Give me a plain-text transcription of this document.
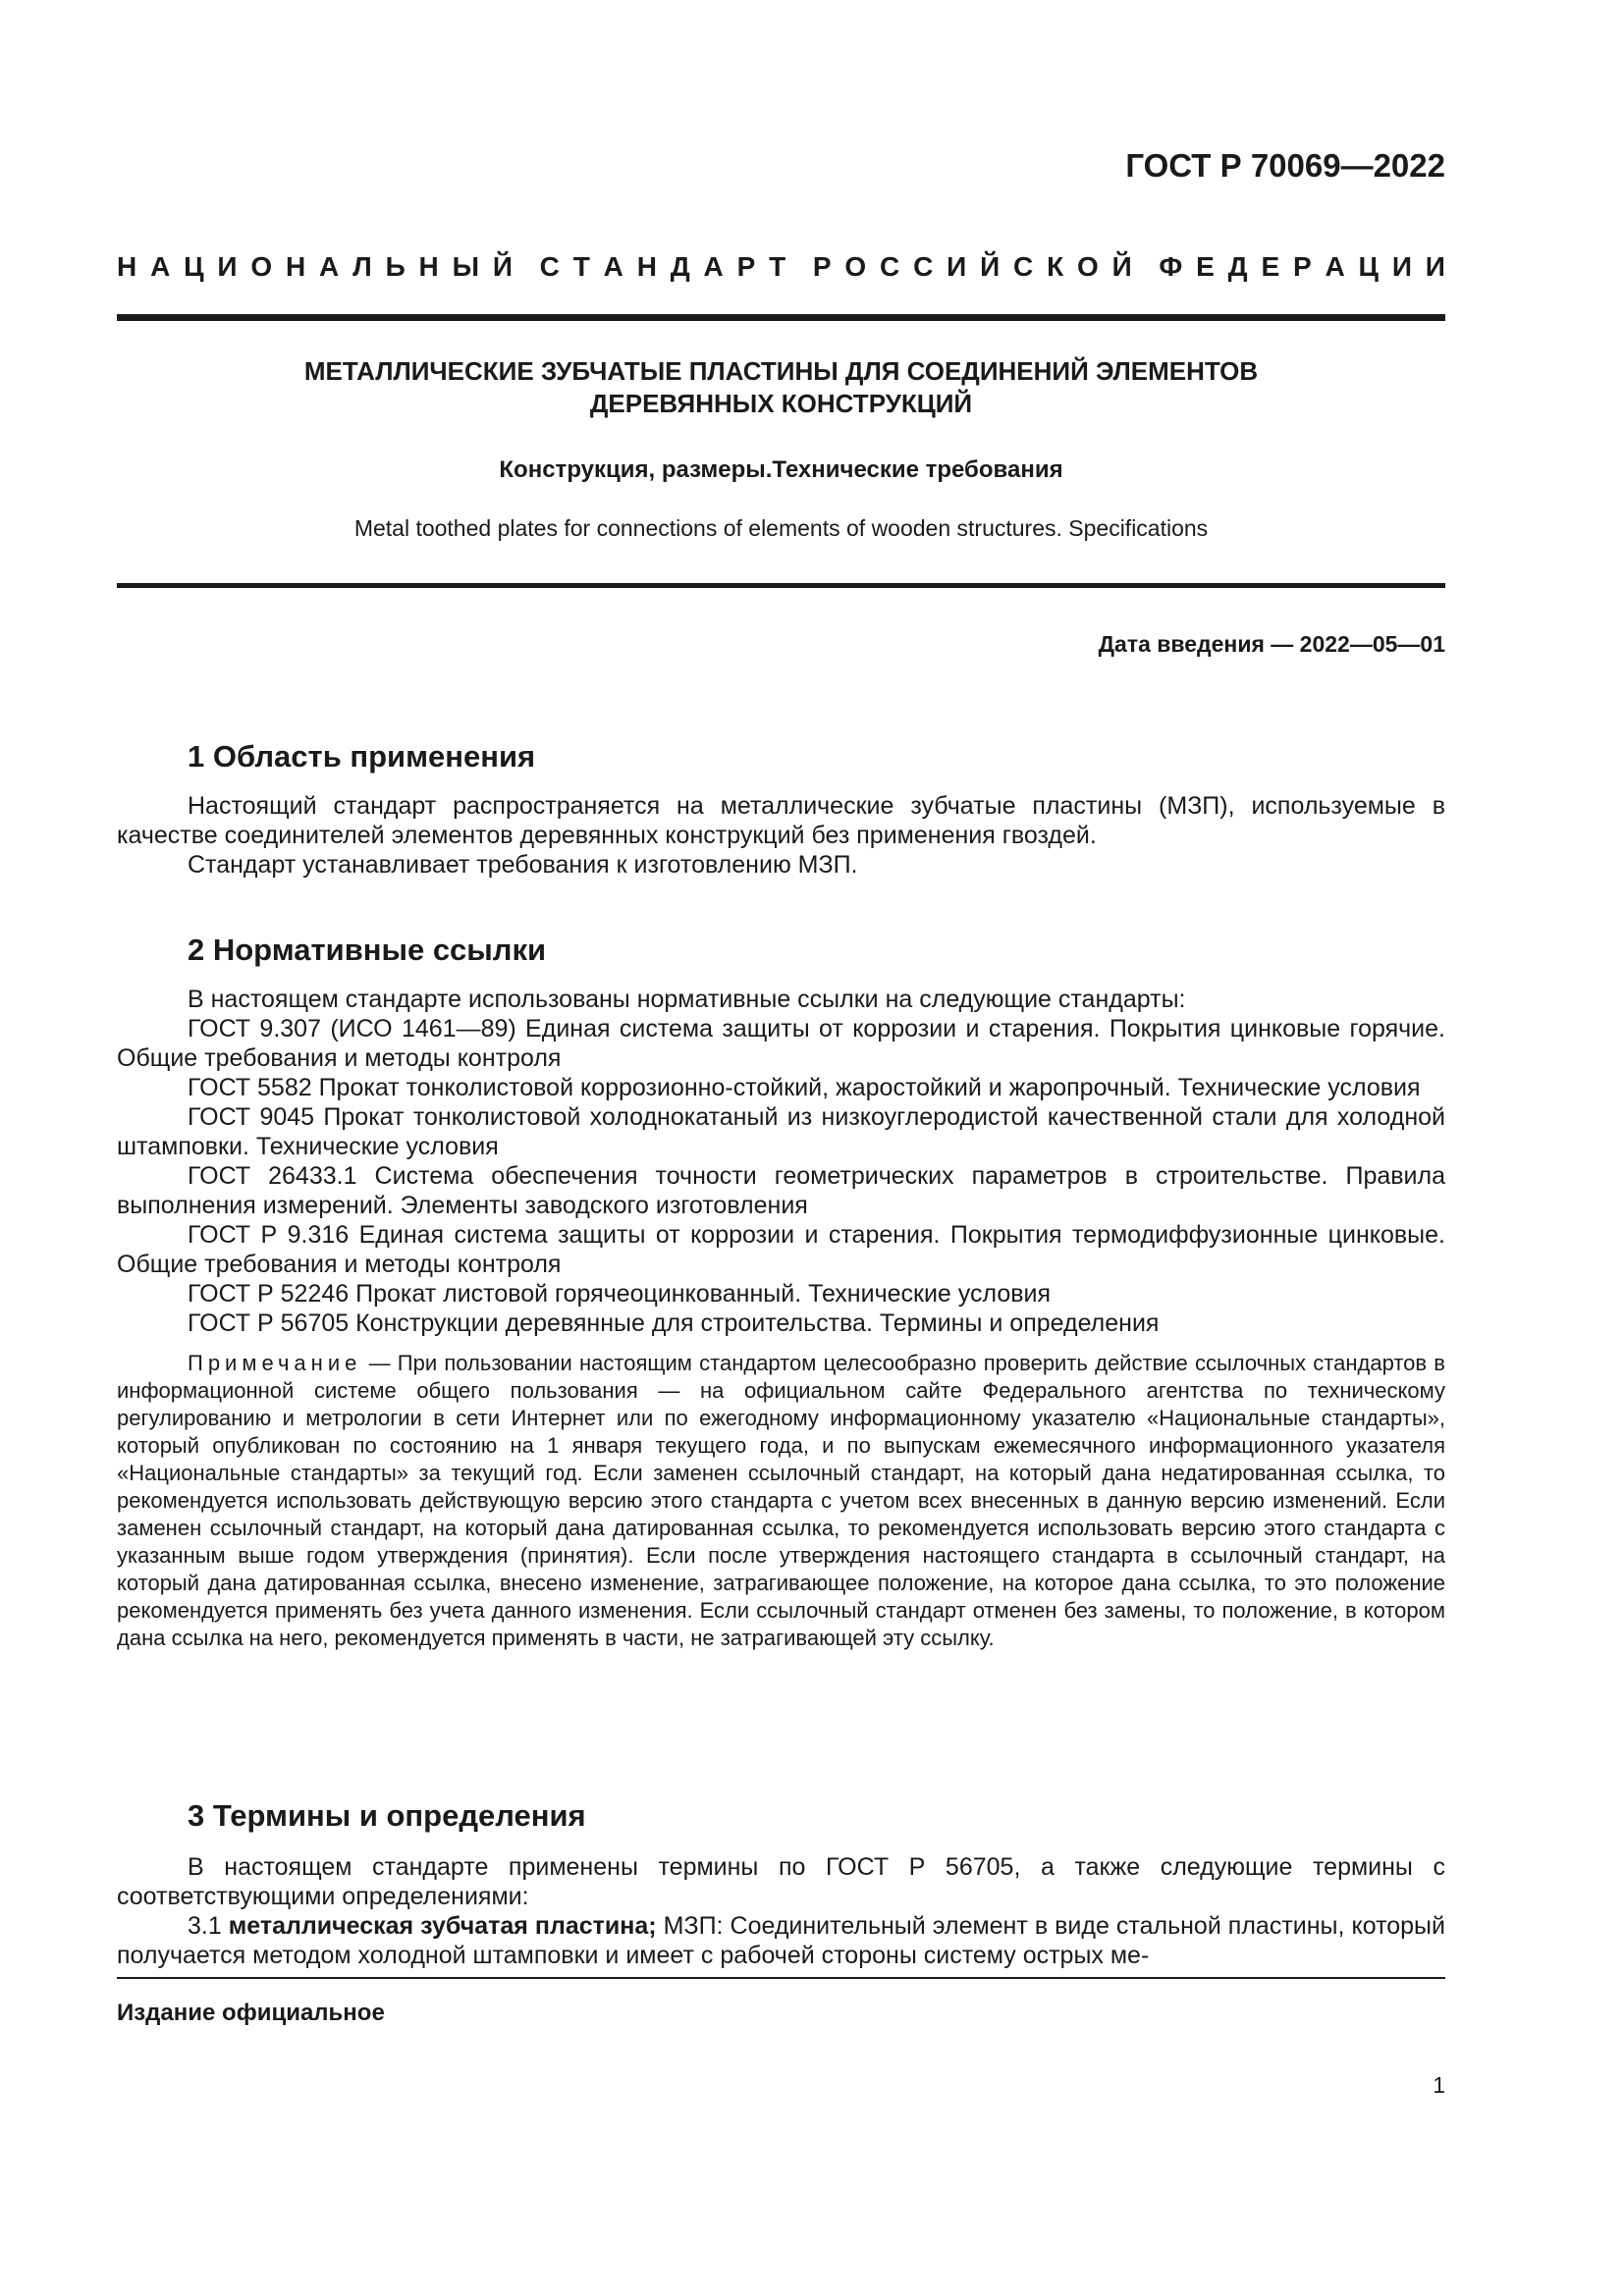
ГОСТ Р 70069—2022
Н А Ц И О Н А Л Ь Н Ы Й С Т А Н Д А Р Т Р О С С И Й С К О Й Ф Е Д Е Р А Ц И И
МЕТАЛЛИЧЕСКИЕ ЗУБЧАТЫЕ ПЛАСТИНЫ ДЛЯ СОЕДИНЕНИЙ ЭЛЕМЕНТОВ
ДЕРЕВЯННЫХ КОНСТРУКЦИЙ
Конструкция, размеры.Технические требования
Metal toothed plates for connections of elements of wooden structures. Specifications
Дата введения — 2022—05—01
1 Область применения

Настоящий стандарт распространяется на металлические зубчатые пластины (МЗП), используемые в качестве соединителей элементов деревянных конструкций без применения гвоздей.

Стандарт устанавливает требования к изготовлению МЗП.

2 Нормативные ссылки

В настоящем стандарте использованы нормативные ссылки на следующие стандарты:

ГОСТ 9.307 (ИСО 1461—89) Единая система защиты от коррозии и старения. Покрытия цинковые горячие. Общие требования и методы контроля

ГОСТ 5582 Прокат тонколистовой коррозионно-стойкий, жаростойкий и жаропрочный. Технические условия

ГОСТ 9045 Прокат тонколистовой холоднокатаный из низкоуглеродистой качественной стали для холодной штамповки. Технические условия

ГОСТ 26433.1 Система обеспечения точности геометрических параметров в строительстве. Правила выполнения измерений. Элементы заводского изготовления

ГОСТ Р 9.316 Единая система защиты от коррозии и старения. Покрытия термодиффузионные цинковые. Общие требования и методы контроля

ГОСТ Р 52246 Прокат листовой горячеоцинкованный. Технические условия

ГОСТ Р 56705 Конструкции деревянные для строительства. Термины и определения

Примечание — При пользовании настоящим стандартом целесообразно проверить действие ссылочных стандартов в информационной системе общего пользования — на официальном сайте Федерального агентства по техническому регулированию и метрологии в сети Интернет или по ежегодному информационному указателю «Национальные стандарты», который опубликован по состоянию на 1 января текущего года, и по выпускам ежемесячного информационного указателя «Национальные стандарты» за текущий год. Если заменен ссылочный стандарт, на который дана недатированная ссылка, то рекомендуется использовать действующую версию этого стандарта с учетом всех внесенных в данную версию изменений. Если заменен ссылочный стандарт, на который дана датированная ссылка, то рекомендуется использовать версию этого стандарта с указанным выше годом утверждения (принятия). Если после утверждения настоящего стандарта в ссылочный стандарт, на который дана датированная ссылка, внесено изменение, затрагивающее положение, на которое дана ссылка, то это положение рекомендуется применять без учета данного изменения. Если ссылочный стандарт отменен без замены, то положение, в котором дана ссылка на него, рекомендуется применять в части, не затрагивающей эту ссылку.

3 Термины и определения

В настоящем стандарте применены термины по ГОСТ Р 56705, а также следующие термины с соответствующими определениями:

3.1 металлическая зубчатая пластина; МЗП: Соединительный элемент в виде стальной пластины, который получается методом холодной штамповки и имеет с рабочей стороны систему острых ме-

Издание официальное
1
